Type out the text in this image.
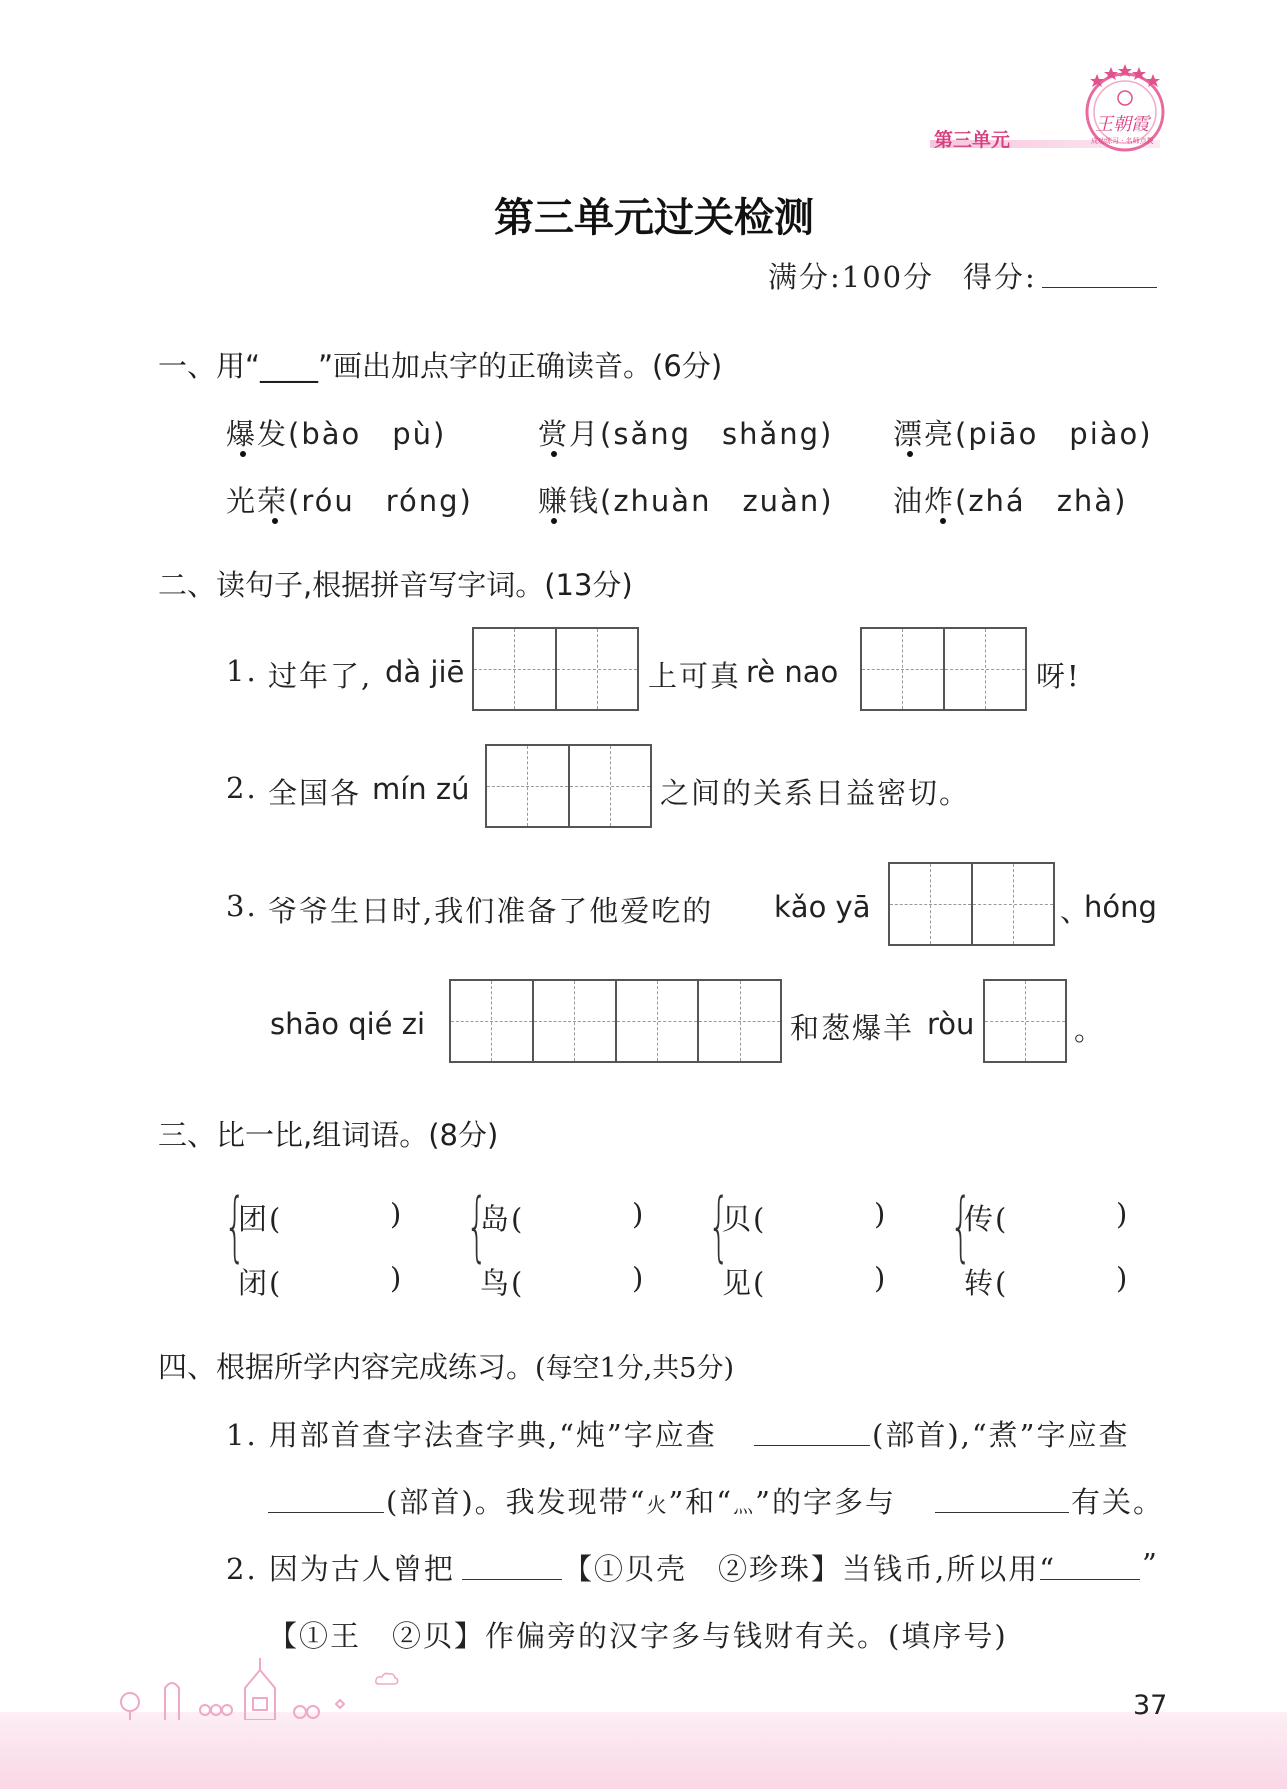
第三单元
王朝霞
成功练习 · 名师点拨
第三单元过关检测
满分:100分 得分:
一、用“____”画出加点字的正确读音。(6分)
爆发(bào　pù)	赏月(sǎng　shǎng) 漂亮(piāo　piào)
光荣(róu　róng) 赚钱(zhuàn　zuàn) 油炸(zhá　zhà)
二、读句子,根据拼音写字词。(13分)
1. 过年了, dà jiē	上可真 rè nao	呀!
2. 全国各 mín zú	之间的关系日益密切。
3. 爷爷生日时,我们准备了他爱吃的 kǎo yā	、
hóng
shāo qié zi	和葱爆羊 ròu	。
三、比一比,组词语。(8分)
{
团(	)
闭(	)
{
岛(	)
鸟(	)
{
贝(	)
见(	)
{
传(	)
转(	)
四、根据所学内容完成练习。(每空1分,共5分)
1. 用部首查字法查字典,“炖”字应查	(部首),“煮”字应查
(部首)。我发现带“火”和“灬”的字多与	有关。
2. 因为古人曾把	【①贝壳　②珍珠】当钱币,所以用“	”
【①王　②贝】作偏旁的汉字多与钱财有关。(填序号)
37
